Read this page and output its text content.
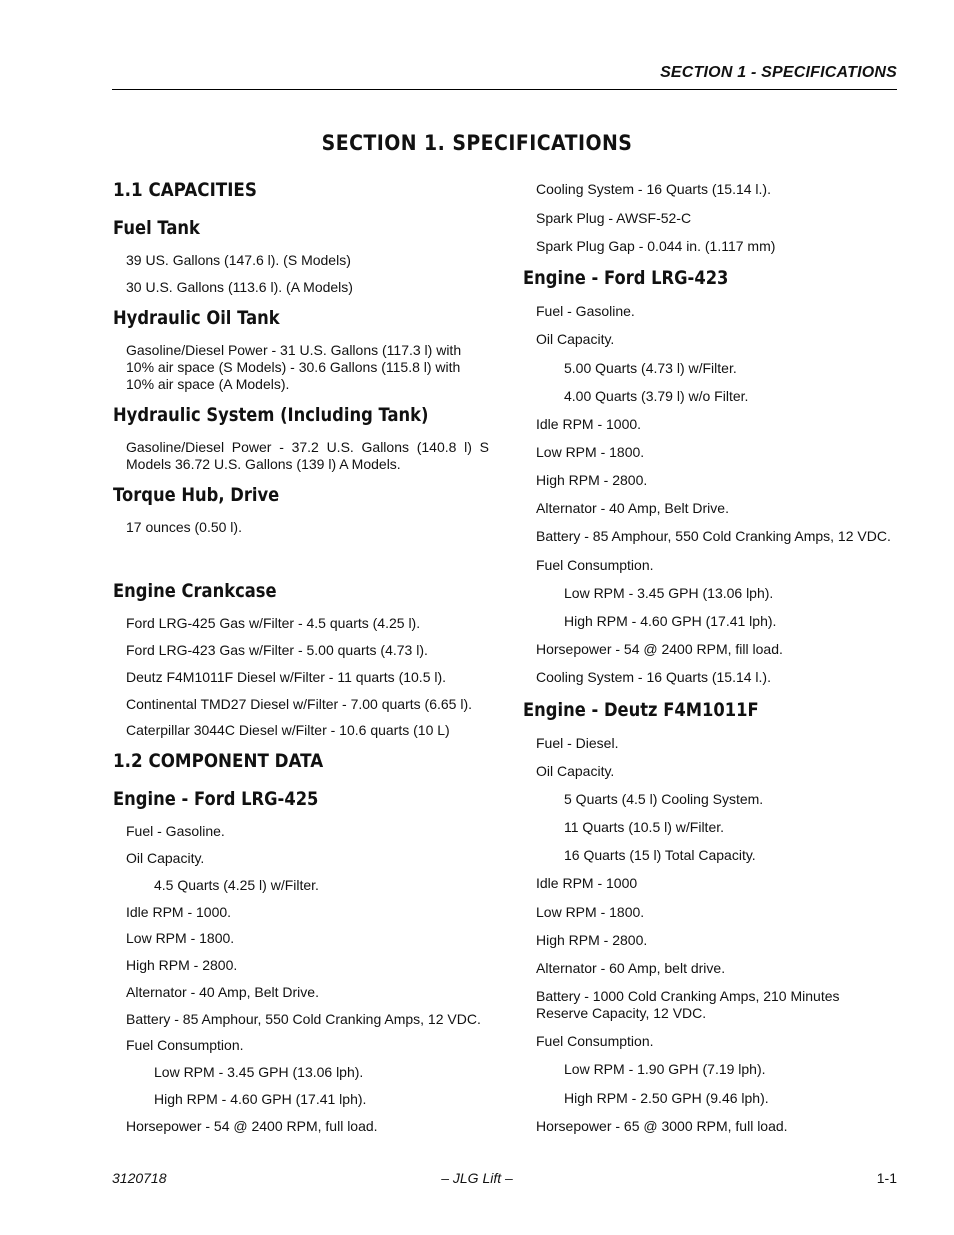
SECTION 1 - SPECIFICATIONS
SECTION 1. SPECIFICATIONS
1.1 CAPACITIES
Fuel Tank
39 US. Gallons (147.6 l). (S Models)
30 U.S. Gallons (113.6 l). (A Models)
Hydraulic Oil Tank
Gasoline/Diesel Power - 31 U.S. Gallons (117.3 l) with 10% air space (S Models) - 30.6 Gallons (115.8 l) with 10% air space (A Models).
Hydraulic System (Including Tank)
Gasoline/Diesel Power - 37.2 U.S. Gallons (140.8 l) S Models 36.72 U.S. Gallons (139 l) A Models.
Torque Hub, Drive
17 ounces (0.50 l).
Engine Crankcase
Ford LRG-425 Gas w/Filter - 4.5 quarts (4.25 l).
Ford LRG-423 Gas w/Filter - 5.00 quarts (4.73 l).
Deutz F4M1011F Diesel w/Filter - 11 quarts (10.5 l).
Continental TMD27 Diesel w/Filter - 7.00 quarts (6.65 l).
Caterpillar 3044C Diesel w/Filter - 10.6 quarts (10 L)
1.2 COMPONENT DATA
Engine - Ford LRG-425
Fuel - Gasoline.
Oil Capacity.
4.5 Quarts (4.25 l) w/Filter.
Idle RPM - 1000.
Low RPM - 1800.
High RPM - 2800.
Alternator - 40 Amp, Belt Drive.
Battery - 85 Amphour, 550 Cold Cranking Amps, 12 VDC.
Fuel Consumption.
Low RPM - 3.45 GPH (13.06 lph).
High RPM - 4.60 GPH (17.41 lph).
Horsepower - 54 @ 2400 RPM, full load.
Cooling System - 16 Quarts (15.14 l.).
Spark Plug - AWSF-52-C
Spark Plug Gap - 0.044 in. (1.117 mm)
Engine - Ford LRG-423
Fuel - Gasoline.
Oil Capacity.
5.00 Quarts (4.73 l) w/Filter.
4.00 Quarts (3.79 l) w/o Filter.
Idle RPM - 1000.
Low RPM - 1800.
High RPM - 2800.
Alternator - 40 Amp, Belt Drive.
Battery - 85 Amphour, 550 Cold Cranking Amps, 12 VDC.
Fuel Consumption.
Low RPM - 3.45 GPH (13.06 lph).
High RPM - 4.60 GPH (17.41 lph).
Horsepower - 54 @ 2400 RPM, fill load.
Cooling System - 16 Quarts (15.14 l.).
Engine - Deutz F4M1011F
Fuel - Diesel.
Oil Capacity.
5 Quarts (4.5 l) Cooling System.
11 Quarts (10.5 l) w/Filter.
16 Quarts (15 l) Total Capacity.
Idle RPM - 1000
Low RPM - 1800.
High RPM - 2800.
Alternator - 60 Amp, belt drive.
Battery - 1000 Cold Cranking Amps, 210 Minutes Reserve Capacity, 12 VDC.
Fuel Consumption.
Low RPM - 1.90 GPH (7.19 lph).
High RPM - 2.50 GPH (9.46 lph).
Horsepower - 65 @ 3000 RPM, full load.
3120718	– JLG Lift –	1-1
